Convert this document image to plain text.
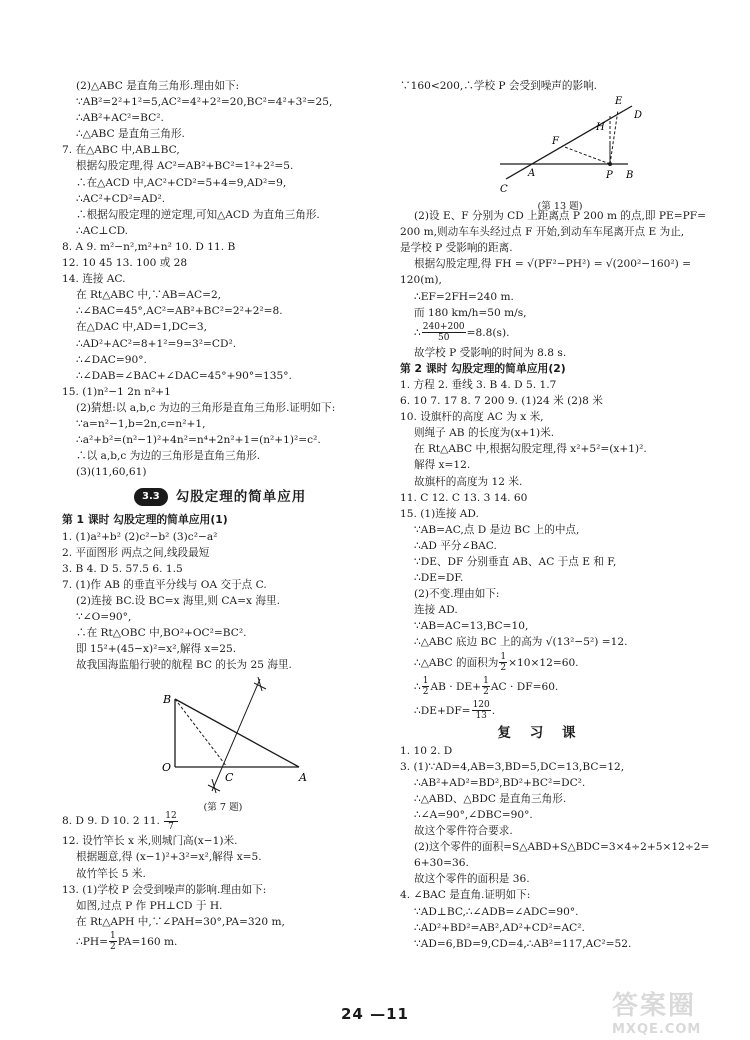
(2)△ABC 是直角三角形.理由如下:
∵AB²=2²+1²=5,AC²=4²+2²=20,BC²=4²+3²=25,
∴AB²+AC²=BC².
∴△ABC 是直角三角形.
7. 在△ABC 中,AB⊥BC,
根据勾股定理,得 AC²=AB²+BC²=1²+2²=5.
∴在△ACD 中,AC²+CD²=5+4=9,AD²=9,
∴AC²+CD²=AD².
∴根据勾股定理的逆定理,可知△ACD 为直角三角形.
∴AC⊥CD.
8. A 9. m²−n²,m²+n² 10. D 11. B
12. 10 45 13. 100 或 28
14. 连接 AC.
在 Rt△ABC 中,∵AB=AC=2,
∴∠BAC=45°,AC²=AB²+BC²=2²+2²=8.
在△DAC 中,AD=1,DC=3,
∴AD²+AC²=8+1²=9=3²=CD².
∴∠DAC=90°.
∴∠DAB=∠BAC+∠DAC=45°+90°=135°.
15. (1)n²−1 2n n²+1
(2)猜想:以 a,b,c 为边的三角形是直角三角形.证明如下:
∵a=n²−1,b=2n,c=n²+1,
∴a²+b²=(n²−1)²+4n²=n⁴+2n²+1=(n²+1)²=c².
∴以 a,b,c 为边的三角形是直角三角形.
(3)(11,60,61)
3.3	勾股定理的简单应用
第 1 课时 勾股定理的简单应用(1)
1. (1)a²+b² (2)c²−b² (3)c²−a²
2. 平面图形 两点之间,线段最短
3. B 4. D 5. 57.5 6. 1.5
7. (1)作 AB 的垂直平分线与 OA 交于点 C.
(2)连接 BC.设 BC=x 海里,则 CA=x 海里.
∵∠O=90°,
∴在 Rt△OBC 中,BO²+OC²=BC².
即 15²+(45−x)²=x²,解得 x=25.
故我国海监船行驶的航程 BC 的长为 25 海里.
B
O
C	A
(第 7 题)
8. D 9. D 10. 2 11. $\frac{12}{7}$
12. 设竹竿长 x 米,则城门高(x−1)米.
根据题意,得 (x−1)²+3²=x²,解得 x=5.
故竹竿长 5 米.
13. (1)学校 P 会受到噪声的影响.理由如下:
如图,过点 P 作 PH⊥CD 于 H.
在 Rt△APH 中,∵∠PAH=30°,PA=320 m,
∴PH= $\frac{1}{2} PA=160$ m.
∵160<200,∴学校 P 会受到噪声的影响.
E
H
D
F
A	P B
C
(第 13 题)
(2)设 E、F 分别为 CD 上距离点 P 200 m 的点,即 PE=PF=
200 m,则动车车头经过点 F 开始,到动车车尾离开点 E 为止,
是学校 P 受影响的距离.
根据勾股定理,得 FH = √(PF²−PH²) = √(200²−160²) =
120(m),
∴EF=2FH=240 m.
而 180 km/h=50 m/s,
∴ $\frac{240+200}{50} =8.8(s)$.
故学校 P 受影响的时间为 8.8 s.
第 2 课时 勾股定理的简单应用(2)
1. 方程 2. 垂线 3. B 4. D 5. 1.7
6. 10 7. 17 8. 7 200 9. (1)24 米 (2)8 米
10. 设旗杆的高度 AC 为 x 米,
则绳子 AB 的长度为(x+1)米.
在 Rt△ABC 中,根据勾股定理,得 x²+5²=(x+1)².
解得 x=12.
故旗杆的高度为 12 米.
11. C 12. C 13. 3 14. 60
15. (1)连接 AD.
∵AB=AC,点 D 是边 BC 上的中点,
∴AD 平分∠BAC.
∵DE、DF 分别垂直 AB、AC 于点 E 和 F,
∴DE=DF.
(2)不变.理由如下:
连接 AD.
∵AB=AC=13,BC=10,
∴△ABC 底边 BC 上的高为 √(13²−5²) =12.
∴△ABC 的面积为 $\frac{1}{2} \times 10\times 12=60$.
∴ $\frac{1}{2}$ AB · $DE+ \frac{1}{2}$ AC · DF=60.
∴DE+DF= $\frac{120}{13}$ .
复 习 课
1. 10 2. D
3. (1)∵AD=4,AB=3,BD=5,DC=13,BC=12,
∴AB²+AD²=BD²,BD²+BC²=DC².
∴△ABD、△BDC 是直角三角形.
∴∠A=90°,∠DBC=90°.
故这个零件符合要求.
(2)这个零件的面积=S△ABD+S△BDC=3×4÷2+5×12÷2=
6+30=36.
故这个零件的面积是 36.
4. ∠BAC 是直角.证明如下:
∵AD⊥BC,∴∠ADB=∠ADC=90°.
∴AD²+BD²=AB²,AD²+CD²=AC².
∵AD=6,BD=9,CD=4,∴AB²=117,AC²=52.
24 —11	答案圈
MXQE.COM
